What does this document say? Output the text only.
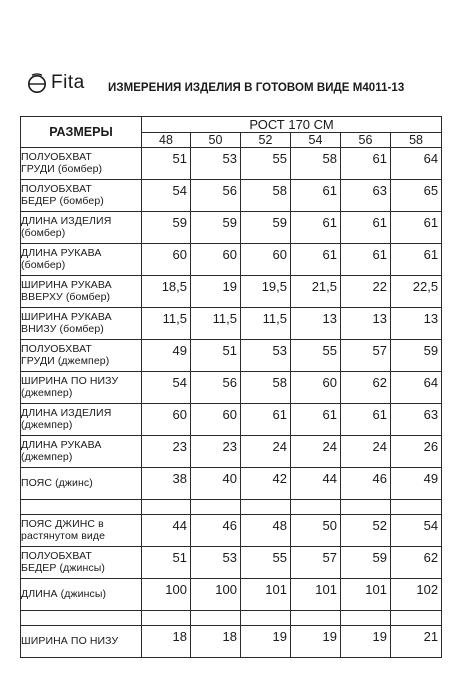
Fita ИЗМЕРЕНИЯ ИЗДЕЛИЯ В ГОТОВОМ ВИДЕ М4011-13
РАЗМЕРЫ	РОСТ 170 СМ					
	48	50	52	54	56	58

ПОЛУОБХВАТ
ГРУДИ (бомбер)	51	53	55	58	61	64

ПОЛУОБХВАТ
БЕДЕР (бомбер)	54	56	58	61	63	65

ДЛИНА ИЗДЕЛИЯ
(бомбер)	59	59	59	61	61	61

ДЛИНА РУКАВА
(бомбер)	60	60	60	61	61	61

ШИРИНА РУКАВА
ВВЕРХУ (бомбер)	18,5	19	19,5	21,5	22	22,5

ШИРИНА РУКАВА
ВНИЗУ (бомбер)	11,5	11,5	11,5	13	13	13

ПОЛУОБХВАТ
ГРУДИ (джемпер)	49	51	53	55	57	59

ШИРИНА ПО НИЗУ
(джемпер)	54	56	58	60	62	64

ДЛИНА ИЗДЕЛИЯ
(джемпер)	60	60	61	61	61	63

ДЛИНА РУКАВА
(джемпер)	23	23	24	24	24	26

ПОЯС (джинс)	38	40	42	44	46	49

ПОЯС ДЖИНС в
растянутом виде	44	46	48	50	52	54

ПОЛУОБХВАТ
БЕДЕР (джинсы)	51	53	55	57	59	62

ДЛИНА (джинсы)	100	100	101	101	101	102

ШИРИНА ПО НИЗУ	18	18	19	19	19	21
